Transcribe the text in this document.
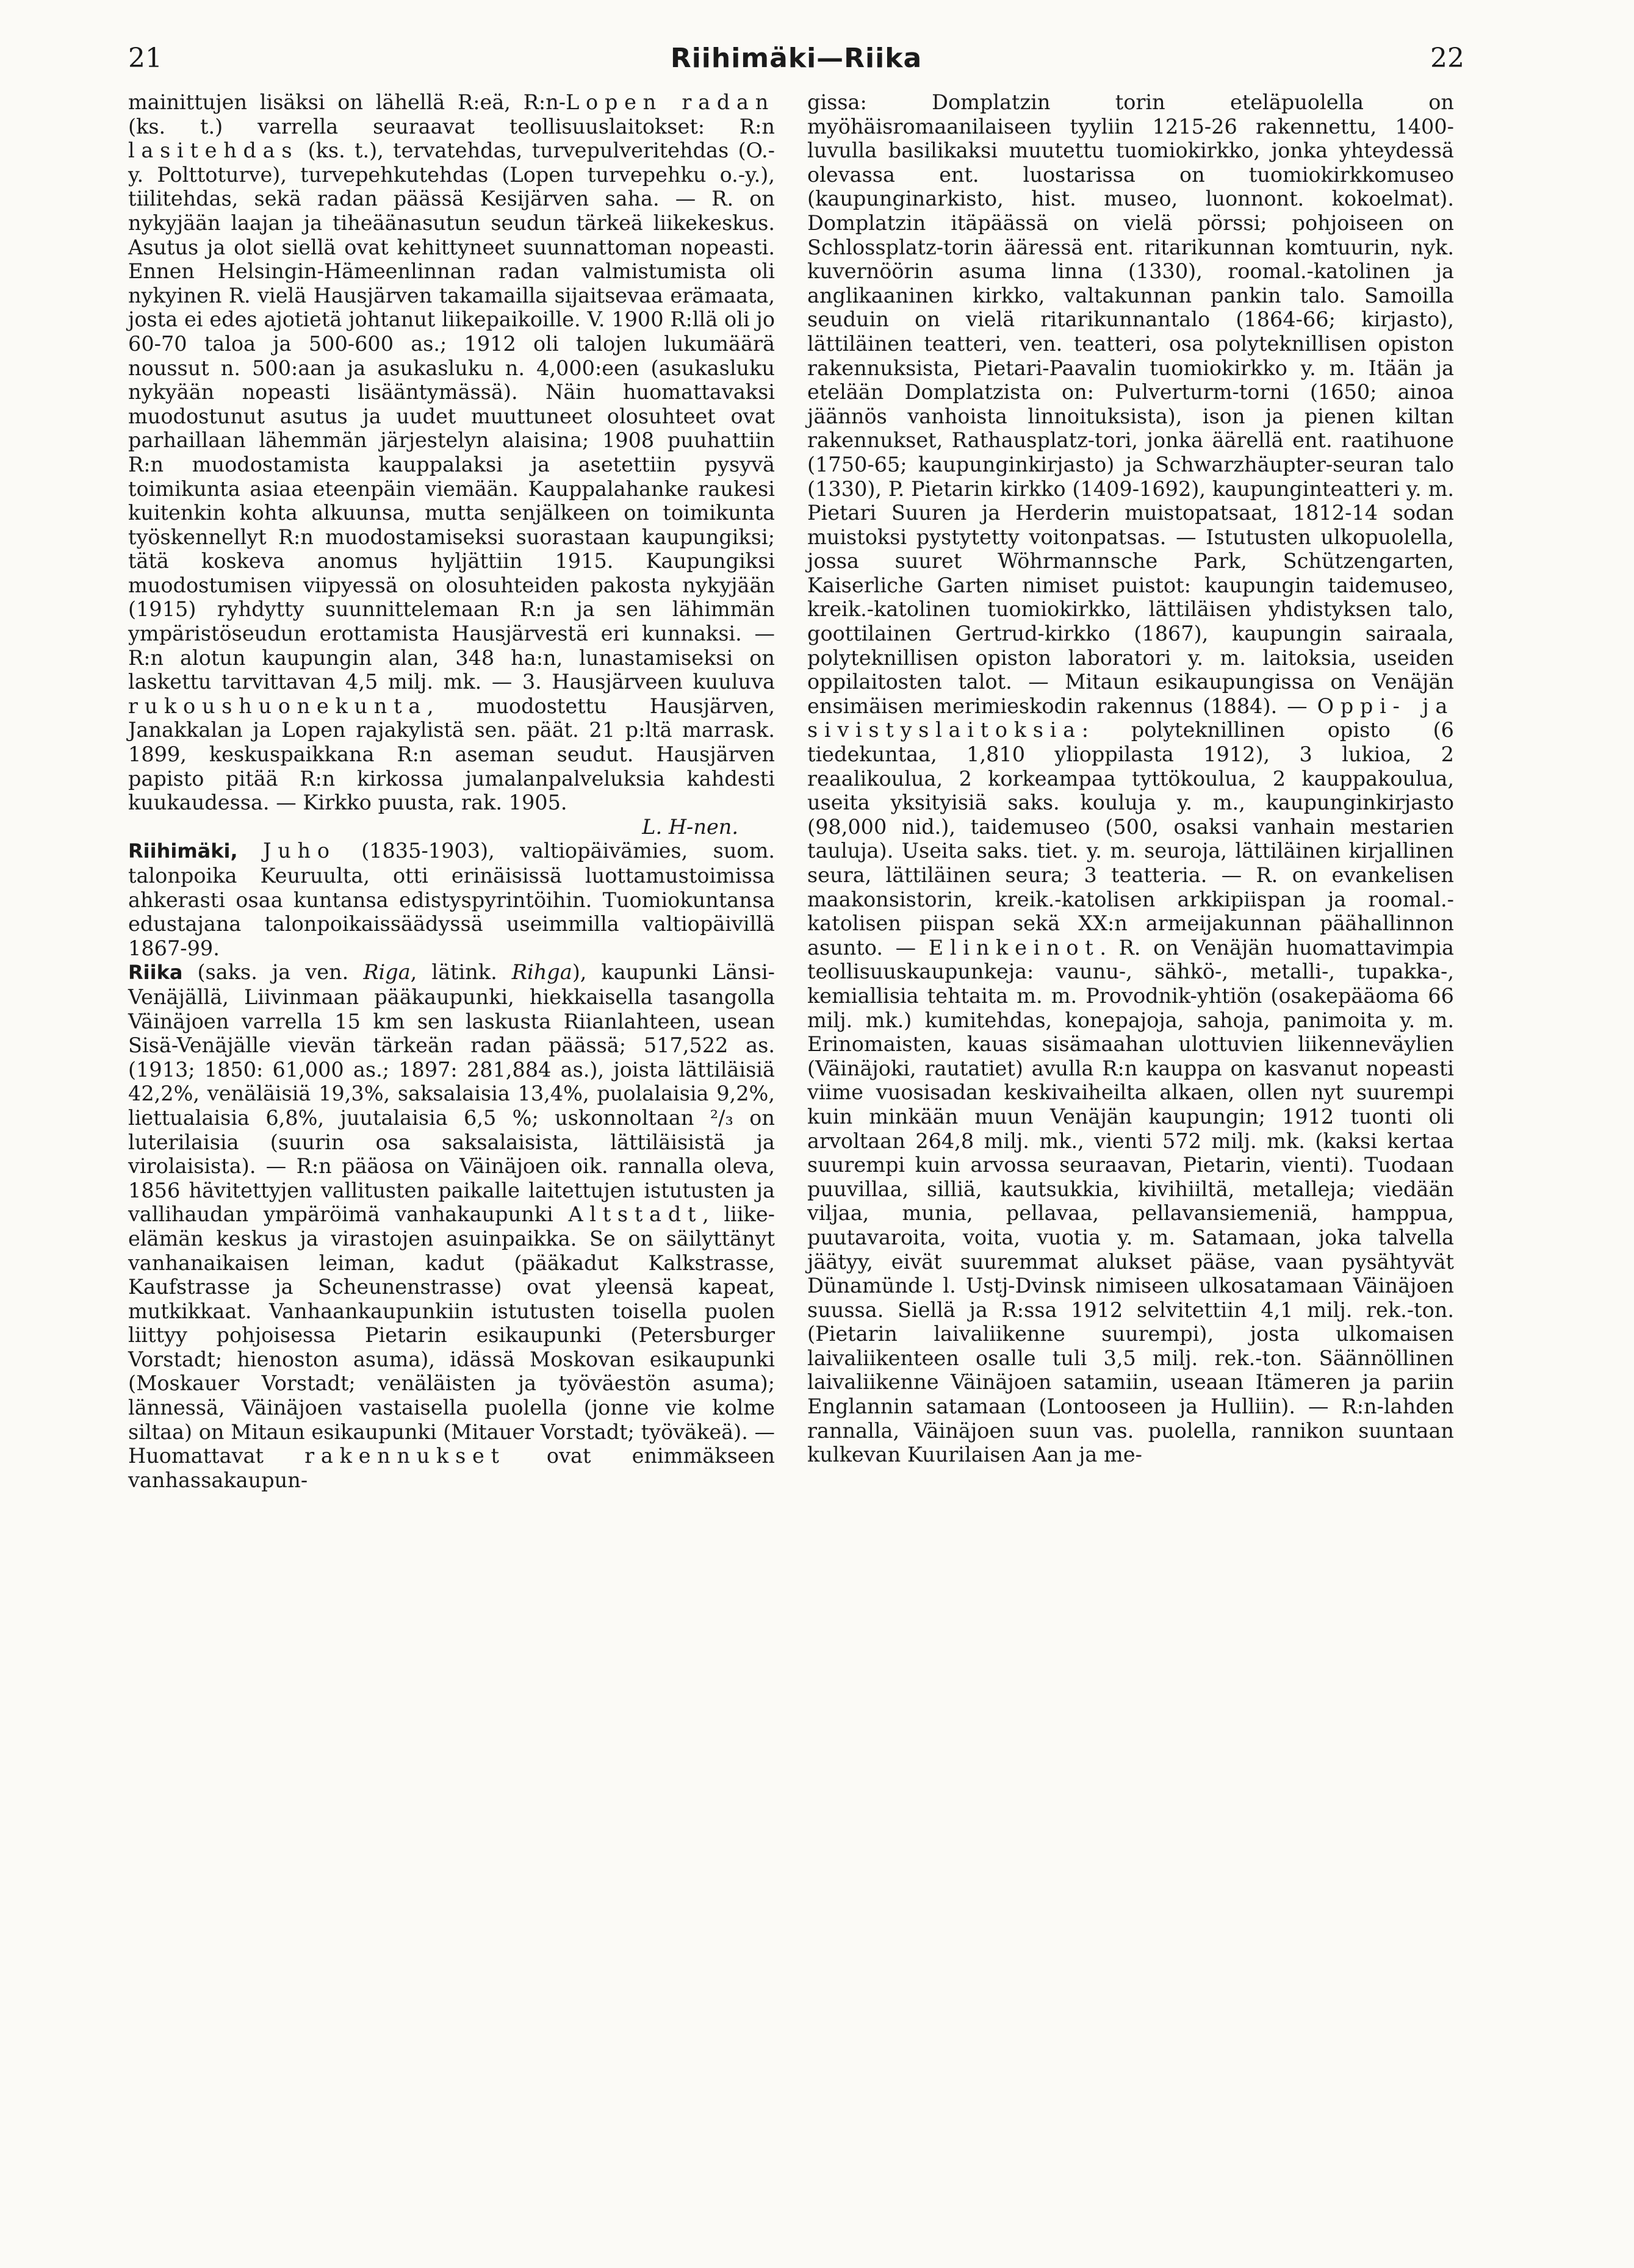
21	Riihimäki—Riika	22

mainittujen lisäksi on lähellä R:eä, R:n-Lopen radan (ks. t.) varrella seuraavat teollisuuslaitokset: R:n lasitehdas (ks. t.), tervatehdas, turvepulveritehdas (O.-y. Polttoturve), turvepehkutehdas (Lopen turvepehku o.-y.), tiilitehdas, sekä radan päässä Kesijärven saha. — R. on nykyjään laajan ja tiheäänasutun seudun tärkeä liikekeskus. Asutus ja olot siellä ovat kehittyneet suunnattoman nopeasti. Ennen Helsingin-Hämeenlinnan radan valmistumista oli nykyinen R. vielä Hausjärven takamailla sijaitsevaa erämaata, josta ei edes ajotietä johtanut liikepaikoille. V. 1900 R:llä oli jo 60-70 taloa ja 500-600 as.; 1912 oli talojen lukumäärä noussut n. 500:aan ja asukasluku n. 4,000:een (asukasluku nykyään nopeasti lisääntymässä). Näin huomattavaksi muodostunut asutus ja uudet muuttuneet olosuhteet ovat parhaillaan lähemmän järjestelyn alaisina; 1908 puuhattiin R:n muodostamista kauppalaksi ja asetettiin pysyvä toimikunta asiaa eteenpäin viemään. Kauppalahanke raukesi kuitenkin kohta alkuunsa, mutta senjälkeen on toimikunta työskennellyt R:n muodostamiseksi suorastaan kaupungiksi; tätä koskeva anomus hyljättiin 1915. Kaupungiksi muodostumisen viipyessä on olosuhteiden pakosta nykyjään (1915) ryhdytty suunnittelemaan R:n ja sen lähimmän ympäristöseudun erottamista Hausjärvestä eri kunnaksi. — R:n alotun kaupungin alan, 348 ha:n, lunastamiseksi on laskettu tarvittavan 4,5 milj. mk. — 3. Hausjärveen kuuluva rukoushuonekunta, muodostettu Hausjärven, Janakkalan ja Lopen rajakylistä sen. päät. 21 p:ltä marrask. 1899, keskuspaikkana R:n aseman seudut. Hausjärven papisto pitää R:n kirkossa jumalanpalveluksia kahdesti kuukaudessa. — Kirkko puusta, rak. 1905.

L. H-nen.

Riihimäki, Juho (1835-1903), valtiopäivämies, suom. talonpoika Keuruulta, otti erinäisissä luottamustoimissa ahkerasti osaa kuntansa edistyspyrintöihin. Tuomiokuntansa edustajana talonpoikaissäädyssä useimmilla valtiopäivillä 1867-99.

Riika (saks. ja ven. Riga, lätink. Rihga), kaupunki Länsi-Venäjällä, Liivinmaan pääkaupunki, hiekkaisella tasangolla Väinäjoen varrella 15 km sen laskusta Riianlahteen, usean Sisä-Venäjälle vievän tärkeän radan päässä; 517,522 as. (1913; 1850: 61,000 as.; 1897: 281,884 as.), joista lättiläisiä 42,2%, venäläisiä 19,3%, saksalaisia 13,4%, puolalaisia 9,2%, liettualaisia 6,8%, juutalaisia 6,5 %; uskonnoltaan ²/₃ on luterilaisia (suurin osa saksalaisista, lättiläisistä ja virolaisista). — R:n pääosa on Väinäjoen oik. rannalla oleva, 1856 hävitettyjen vallitusten paikalle laitettujen istutusten ja vallihaudan ympäröimä vanhakaupunki Altstadt, liike-elämän keskus ja virastojen asuinpaikka. Se on säilyttänyt vanhanaikaisen leiman, kadut (pääkadut Kalkstrasse, Kaufstrasse ja Scheunenstrasse) ovat yleensä kapeat, mutkikkaat. Vanhaankaupunkiin istutusten toisella puolen liittyy pohjoisessa Pietarin esikaupunki (Petersburger Vorstadt; hienoston asuma), idässä Moskovan esikaupunki (Moskauer Vorstadt; venäläisten ja työväestön asuma); lännessä, Väinäjoen vastaisella puolella (jonne vie kolme siltaa) on Mitaun esikaupunki (Mitauer Vorstadt; työväkeä). — Huomattavat rakennukset ovat enimmäkseen vanhassakaupun-

gissa: Domplatzin torin eteläpuolella on myöhäisromaanilaiseen tyyliin 1215-26 rakennettu, 1400-luvulla basilikaksi muutettu tuomiokirkko, jonka yhteydessä olevassa ent. luostarissa on tuomiokirkkomuseo (kaupunginarkisto, hist. museo, luonnont. kokoelmat). Domplatzin itäpäässä on vielä pörssi; pohjoiseen on Schlossplatz-torin ääressä ent. ritarikunnan komtuurin, nyk. kuvernöörin asuma linna (1330), roomal.-katolinen ja anglikaaninen kirkko, valtakunnan pankin talo. Samoilla seuduin on vielä ritarikunnantalo (1864-66; kirjasto), lättiläinen teatteri, ven. teatteri, osa polyteknillisen opiston rakennuksista, Pietari-Paavalin tuomiokirkko y. m. Itään ja etelään Domplatzista on: Pulverturm-torni (1650; ainoa jäännös vanhoista linnoituksista), ison ja pienen kiltan rakennukset, Rathausplatz-tori, jonka äärellä ent. raatihuone (1750-65; kaupunginkirjasto) ja Schwarzhäupter-seuran talo (1330), P. Pietarin kirkko (1409-1692), kaupunginteatteri y. m. Pietari Suuren ja Herderin muistopatsaat, 1812-14 sodan muistoksi pystytetty voitonpatsas. — Istutusten ulkopuolella, jossa suuret Wöhrmannsche Park, Schützengarten, Kaiserliche Garten nimiset puistot: kaupungin taidemuseo, kreik.-katolinen tuomiokirkko, lättiläisen yhdistyksen talo, goottilainen Gertrud-kirkko (1867), kaupungin sairaala, polyteknillisen opiston laboratori y. m. laitoksia, useiden oppilaitosten talot. — Mitaun esikaupungissa on Venäjän ensimäisen merimieskodin rakennus (1884). — Oppi- ja sivistyslaitoksia: polyteknillinen opisto (6 tiedekuntaa, 1,810 ylioppilasta 1912), 3 lukioa, 2 reaalikoulua, 2 korkeampaa tyttökoulua, 2 kauppakoulua, useita yksityisiä saks. kouluja y. m., kaupunginkirjasto (98,000 nid.), taidemuseo (500, osaksi vanhain mestarien tauluja). Useita saks. tiet. y. m. seuroja, lättiläinen kirjallinen seura, lättiläinen seura; 3 teatteria. — R. on evankelisen maakonsistorin, kreik.-katolisen arkkipiispan ja roomal.-katolisen piispan sekä XX:n armeijakunnan päähallinnon asunto. — Elinkeinot. R. on Venäjän huomattavimpia teollisuuskaupunkeja: vaunu-, sähkö-, metalli-, tupakka-, kemiallisia tehtaita m. m. Provodnik-yhtiön (osakepääoma 66 milj. mk.) kumitehdas, konepajoja, sahoja, panimoita y. m. Erinomaisten, kauas sisämaahan ulottuvien liikenneväylien (Väinäjoki, rautatiet) avulla R:n kauppa on kasvanut nopeasti viime vuosisadan keskivaiheilta alkaen, ollen nyt suurempi kuin minkään muun Venäjän kaupungin; 1912 tuonti oli arvoltaan 264,8 milj. mk., vienti 572 milj. mk. (kaksi kertaa suurempi kuin arvossa seuraavan, Pietarin, vienti). Tuodaan puuvillaa, silliä, kautsukkia, kivihiiltä, metalleja; viedään viljaa, munia, pellavaa, pellavansiemeniä, hamppua, puutavaroita, voita, vuotia y. m. Satamaan, joka talvella jäätyy, eivät suuremmat alukset pääse, vaan pysähtyvät Dünamünde l. Ustj-Dvinsk nimiseen ulkosatamaan Väinäjoen suussa. Siellä ja R:ssa 1912 selvitettiin 4,1 milj. rek.-ton. (Pietarin laivaliikenne suurempi), josta ulkomaisen laivaliikenteen osalle tuli 3,5 milj. rek.-ton. Säännöllinen laivaliikenne Väinäjoen satamiin, useaan Itämeren ja pariin Englannin satamaan (Lontooseen ja Hulliin). — R:n-lahden rannalla, Väinäjoen suun vas. puolella, rannikon suuntaan kulkevan Kuurilaisen Aan ja me-
